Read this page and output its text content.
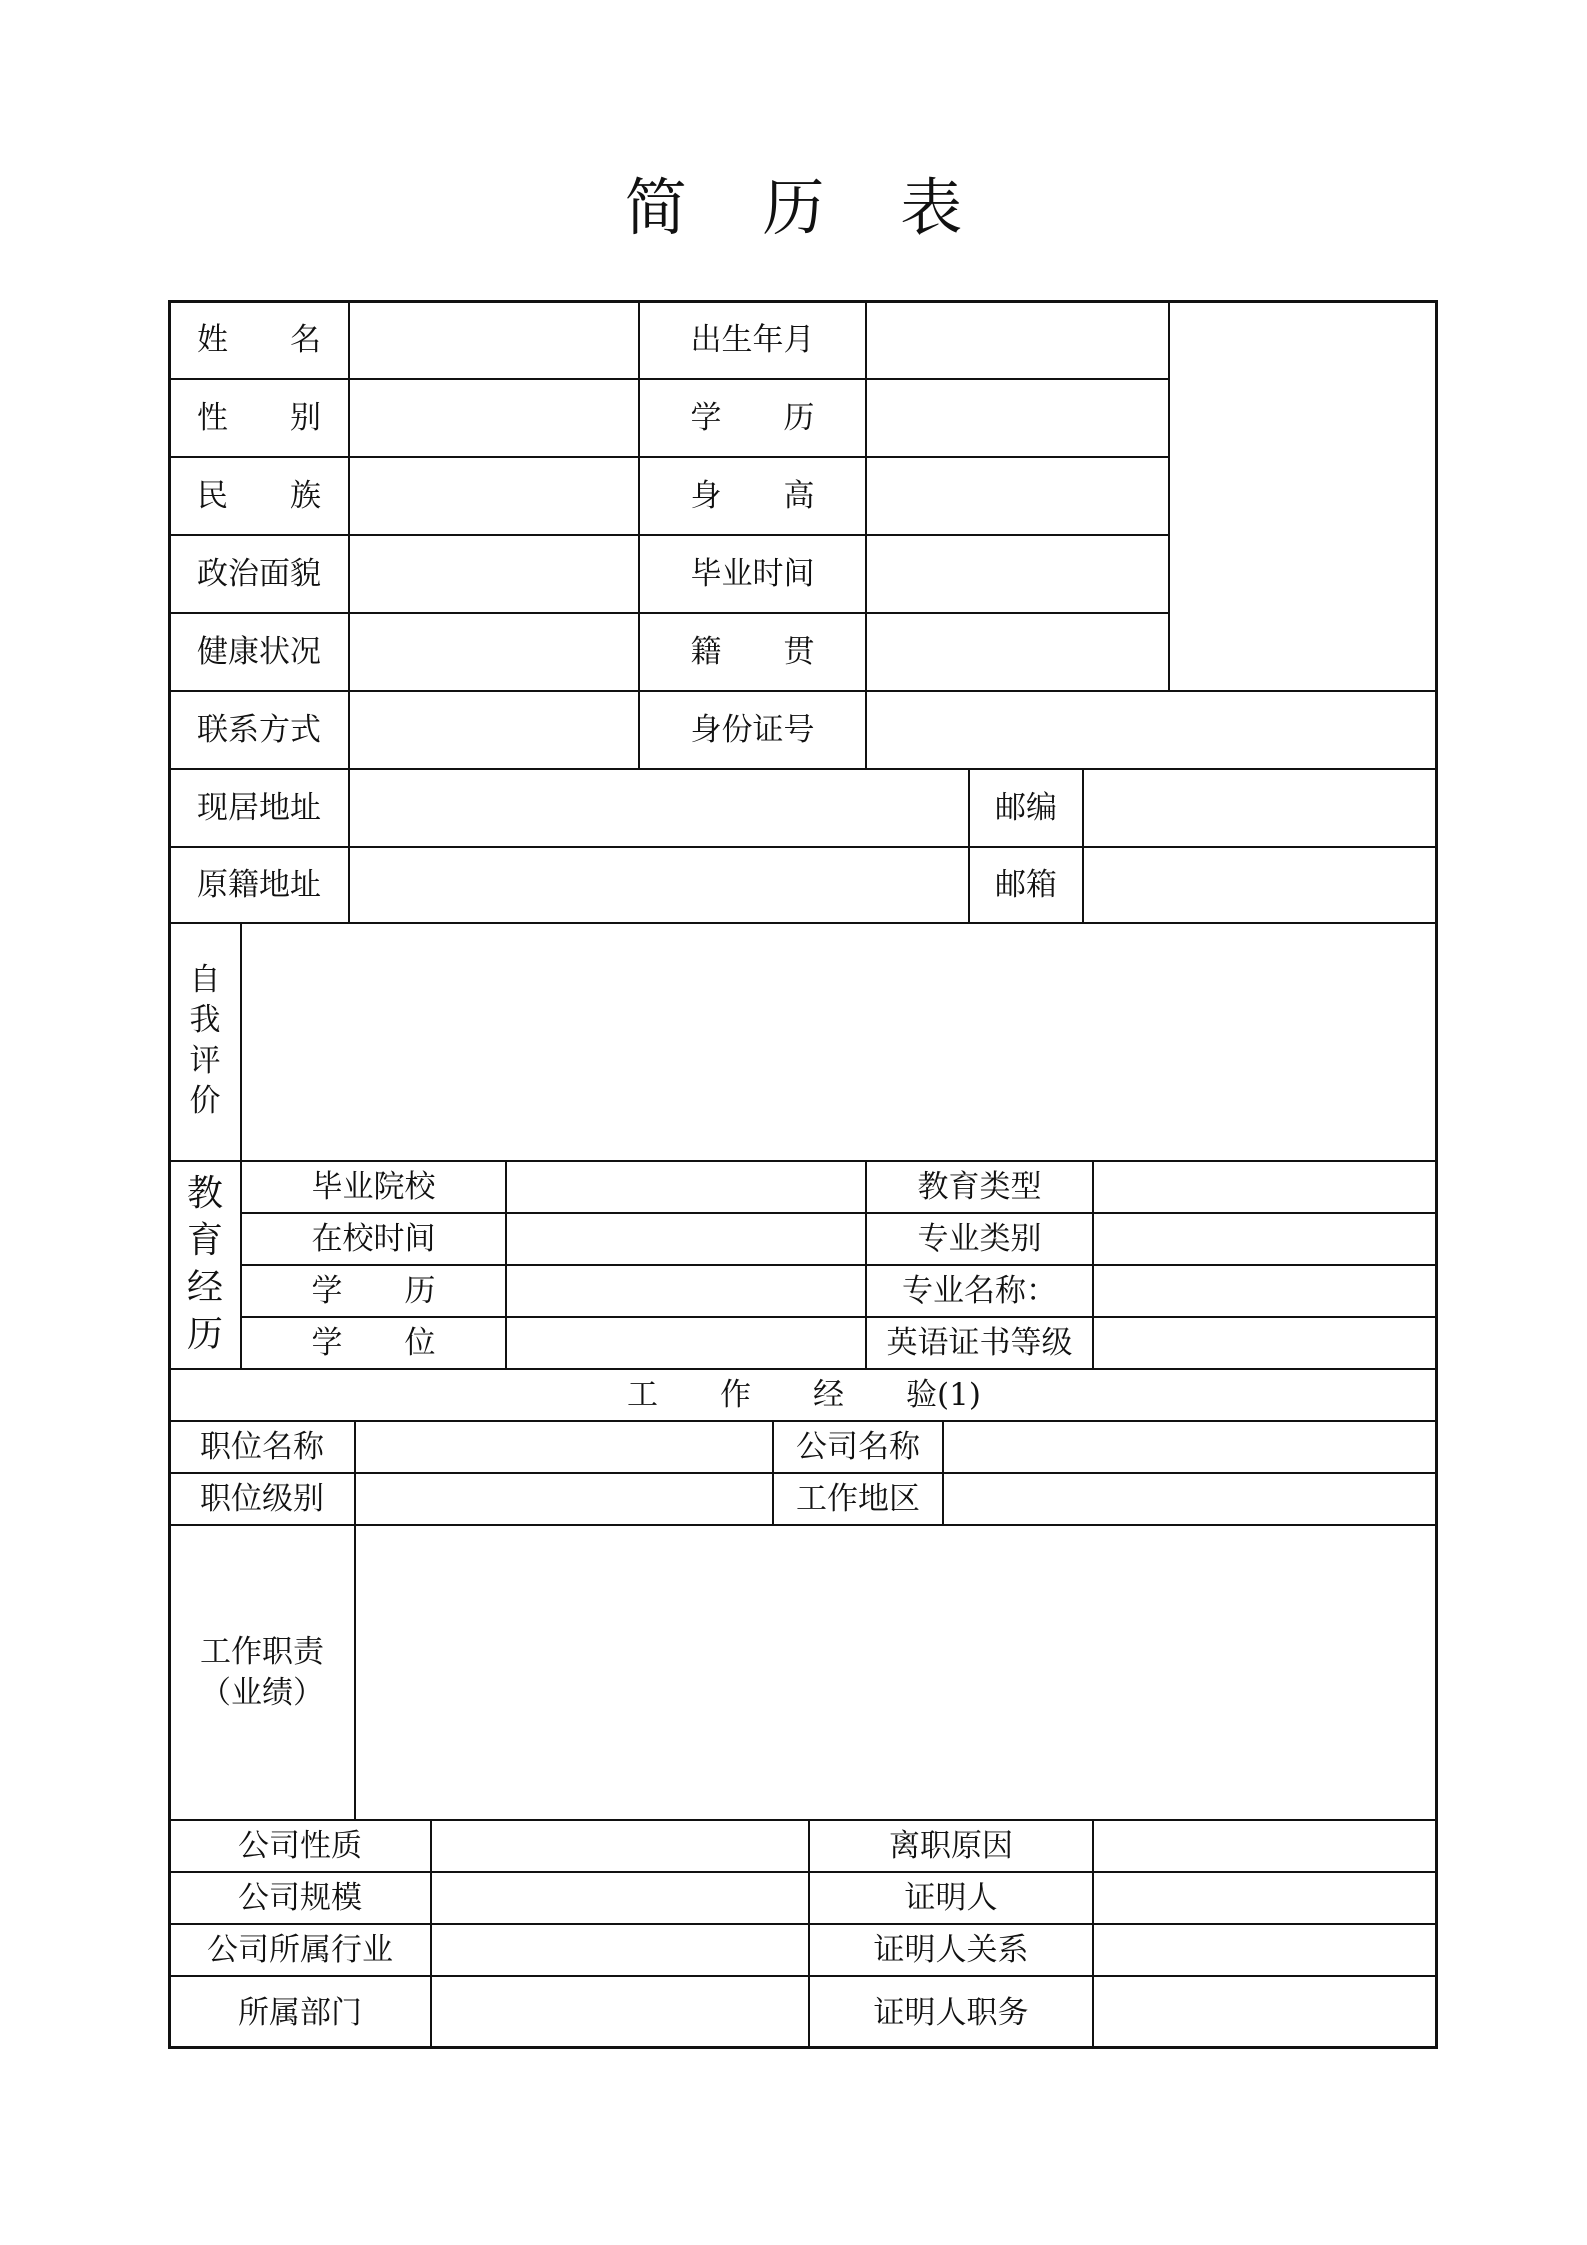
简 历 表
姓　　名	出生年月
性　　别	学　　历
民　　族	身　　高
政治面貌	毕业时间
健康状况	籍　　贯
联系方式	身份证号
现居地址	邮编
原籍地址	邮箱
自
我
评
价
教
育
经
历
毕业院校	教育类型
在校时间	专业类别
学　　历	专业名称：
学　　位	英语证书等级
工　　作　　经　　验(1)
职位名称	公司名称
职位级别	工作地区
工作职责
（业绩）
公司性质	离职原因
公司规模	证明人
公司所属行业	证明人关系
所属部门	证明人职务
